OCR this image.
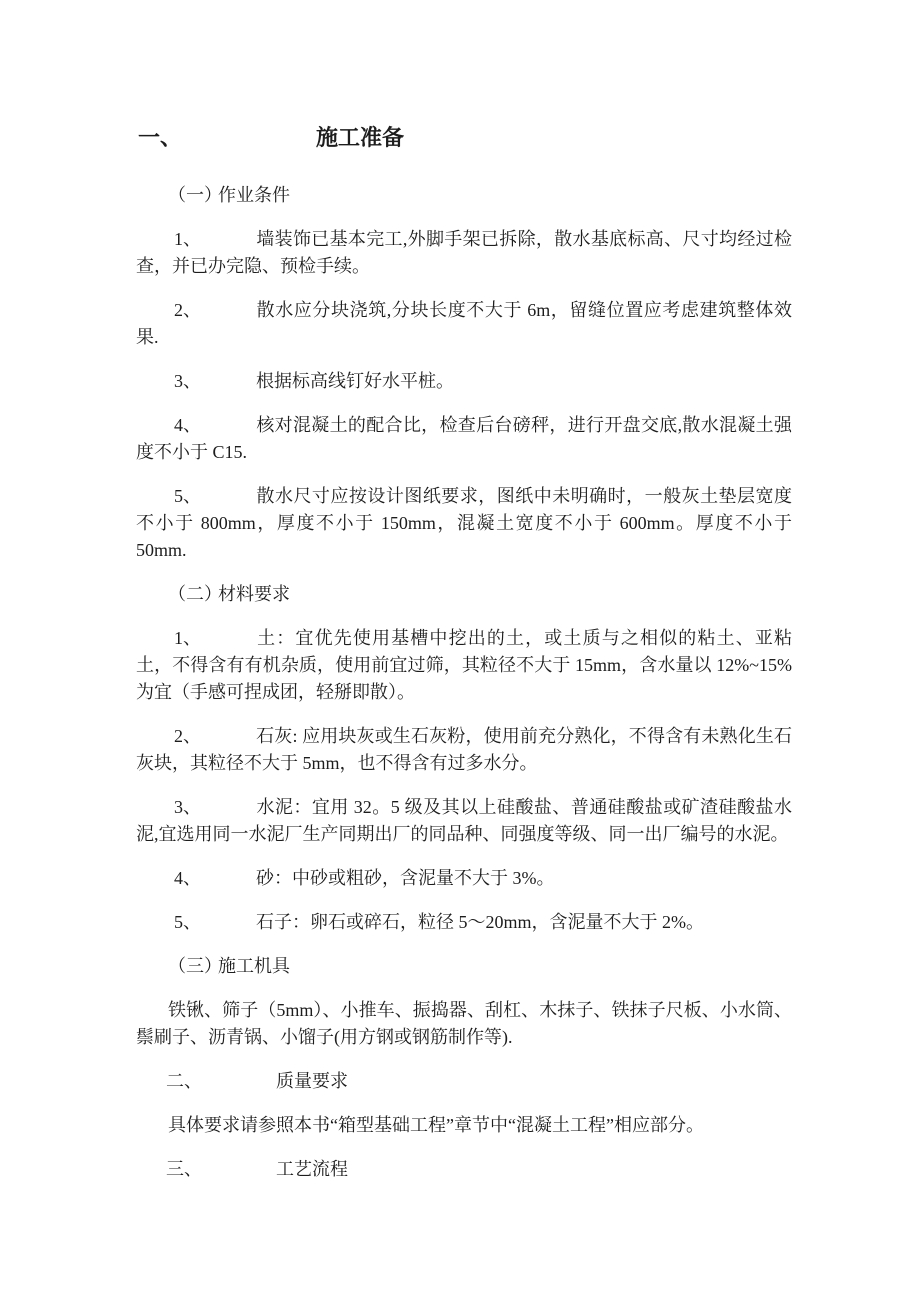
一、	施工准备

（一）作业条件

1、	墙装饰已基本完工,外脚手架已拆除，散水基底标高、尺寸均经过检查，并已办完隐、预检手续。

2、	散水应分块浇筑,分块长度不大于 6m，留缝位置应考虑建筑整体效果.

3、	根据标高线钉好水平桩。

4、	核对混凝土的配合比，检查后台磅秤，进行开盘交底,散水混凝土强度不小于 C15.

5、	散水尺寸应按设计图纸要求，图纸中未明确时，一般灰土垫层宽度不小于 800mm，厚度不小于 150mm，混凝土宽度不小于 600mm。厚度不小于 50mm.

（二）材料要求

1、	土：宜优先使用基槽中挖出的土，或土质与之相似的粘土、亚粘土，不得含有有机杂质，使用前宜过筛，其粒径不大于 15mm，含水量以 12%~15%为宜（手感可捏成团，轻掰即散）。

2、	石灰: 应用块灰或生石灰粉，使用前充分熟化，不得含有未熟化生石灰块，其粒径不大于 5mm，也不得含有过多水分。

3、	水泥：宜用 32。5 级及其以上硅酸盐、普通硅酸盐或矿渣硅酸盐水泥,宜选用同一水泥厂生产同期出厂的同品种、同强度等级、同一出厂编号的水泥。

4、	砂：中砂或粗砂，含泥量不大于 3%。

5、	石子：卵石或碎石，粒径 5～20mm，含泥量不大于 2%。

（三）施工机具

铁锹、筛子（5mm）、小推车、振捣器、刮杠、木抹子、铁抹子尺板、小水筒、鬃刷子、沥青锅、小馏子(用方钢或钢筋制作等).

二、	质量要求

具体要求请参照本书“箱型基础工程”章节中“混凝土工程”相应部分。

三、	工艺流程
